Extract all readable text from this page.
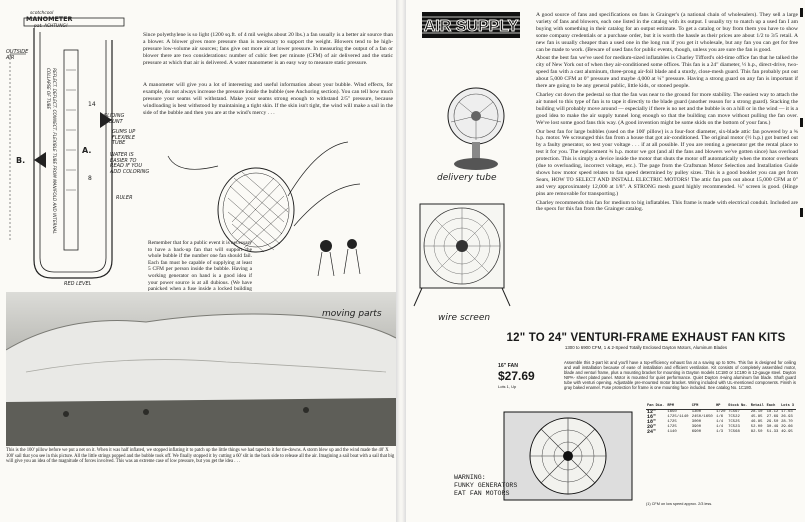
scotchcool
MANOMETER
pat. ACHTUNG!
OUTSIDE AIR
REFLECT. DEFLECT. CONNECT. FLEXIBLE TUBE FROM MANIFOLD AND INTERNAL COLLAPSE OF TUBE
A.
B.
14
8
SLIDING MOUNT
GUMS UP FLEXIBLE TUBE
WATER IS EASIER TO READ IF YOU ADD COLORING
RULER
RED LEVEL

Since polyethylene is so light (1200 sq.ft. of 4 mil weighs about 20 lbs.) a fan usually is a better air source than a blower. A blower gives more pressure than is necessary to support the weight. Blowers tend to be high-pressure low-volume air sources; fans give out more air at lower pressure. In measuring the output of a fan or blower there are two considerations: number of cubic feet per minute (CFM) of air delivered and the static pressure at which that air is delivered. A water manometer is an easy way to measure static pressure.

A manometer will give you a lot of interesting and useful information about your bubble. Wind effects, for example, do not always increase the pressure inside the bubble (see Anchoring section). You can tell how much pressure your seams will withstand. Make your seams strong enough to withstand 2/5" pressure, because windloading is best withstood by maintaining a tight skin. If the skin isn't tight, the wind will make a sail in the side of the bubble and then you are at the wind's mercy . . .

Remember that for a public event it is necessary to have a back-up fan that will support the whole bubble if the number one fan should fail. Each fan must be capable of supplying at least 5 CFM per person inside the bubble. Having a working generator on hand is a good idea if your power source is at all dubious. (We have panicked when a fuse inside a locked building

This is the 100' pillow before we put a net on it. When it was half inflated, we stopped inflating it to patch up the little things we had taped to it for tie-downs. A storm blew up and the wind made the 40' X 100' sail that you see in this picture. All the little strings popped and the bubble took off. We finally stopped it by cutting a 60' slit in the back side to release all the air. Imagining a sail boat with a sail that big will give you an idea of the magnitude of forces involved. This was an extreme case of low pressure, but you get the idea . . .
AIR SUPPLY

A good source of fans and specifications on fans is Grainger's (a national chain of wholesalers). They sell a large variety of fans and blowers, each one listed in the catalog with its output. I usually try to match up a used fan I am buying with something in their catalog for an output estimate. To get a catalog or buy from them you have to show some company credentials or a purchase order, but it is worth the hassle as their prices are about 1/2 to 3/5 retail. A new fan is usually cheaper than a used one in the long run if you get it wholesale, but any fan you can get for free can be made to work. (Beware of used fans for public events, though, unless you are sure the fan is good.

About the best fan we've used for medium-sized inflatables is Charley Tifford's old-time office fan that he talked the city of New York out of when they air-conditioned some offices. This fan is a 24" diameter, ½ h.p., direct-drive, two-speed fan with a cast aluminum, three-prong air-foil blade and a sturdy, close-mesh guard. This fan probably put out about 5,000 CFM at 0" pressure and maybe 4,000 at ¼" pressure. Having a strong guard on any fan is important if there are going to be any general public, little kids, or stoned people.

Charley cut down the pedestal so that the fan was near to the ground for more stability. The easiest way to attach the air tunnel to this type of fan is to tape it directly to the blade guard (another reason for a strong guard). Stacking the building will probably move around — especially if there is no net and the bubble is on a hill or in the wind — it is a good idea to make the air supply tunnel long enough so that the building can move without pulling the fan over. We've lost some good fans this way. (A good invention might be some skids on the bottom of your fans.)

Our best fan for large bubbles (used on the 100' pillow) is a four-foot diameter, six-blade attic fan powered by a ¾ h.p. motor. We scrounged this fan from a house that got air-conditioned. The original motor (½ h.p.) got burned out by a faulty generator, so test your voltage . . . if at all possible. If you are renting a generator get the rental place to test it for you. The replacement ¾ h.p. motor we got (and all the fans and blowers we've gotten since) has overload protection. This is simply a device inside the motor that shuts the motor off automatically when the motor overheats (due to overloading, incorrect voltage, etc.). The page from the Craftsman Motor Selection and Installation Guide shows how motor speed relates to fan speed determined by pulley sizes. This is a good booklet you can get from Sears, HOW TO SELECT AND INSTALL ELECTRIC MOTORS! The attic fan puts out about 15,000 CFM at 0" and very approximately 12,000 at 1/8". A STRONG mesh guard highly recommended. ¼" screen is good. (Hinge pins are removable for transporting.)

Charley recommends this fan for medium to big inflatables. This frame is made with electrical conduit. Included are the specs for this fan from the Grainger catalog.

12" TO 24" VENTURI-FRAME EXHAUST FAN KITS
1300 to 6900 CFM, 1 & 2-Speed Totally Enclosed Dayton Motors, Aluminum Blades
16" FAN
$27.69
Lots 1, Up
Assemble this 3-part kit and you'll have a top-efficiency exhaust fan at a saving up to 50%. This fan is designed for ceiling and wall installation because of ease of installation and efficient ventilation. Kit consists of completely assembled motor, blade and venturi frame, plus a mounting bracket for mounting in Dayton models 1C180 or 1C190 in 12-gauge steel. Dayton NIPA- sheet plated panel. Motor is mounted for quiet performance. Quiet Dayton 4-wing aluminum fan blade. Shaft guard tube with venturi opening. Adjustable pre-mounted motor bracket. Wiring included with UL-mentioned components. Finish is gray baked enamel. Fuse protection for frame is one mounting face included. See catalog No. 1C180.
Fan Dia.	RPM	CFM	HP	Stock No.	Retail	Each	Lots 3
12"	1650	1300	1/20	7C567	28.10	18.12	17.63
16"	1725/1140	2450/1650	1/6	7C522	45.85	27.69	26.93
18"	1725	3000	1/4	7C525	46.85	29.50	28.70
20"	1725	3900	1/4	7C523	52.00	30.49	29.66
24"	1140	6900	1/3	7C568	82.50	51.33	49.95
(1) CFM on low speed approx. 2/3 less.
delivery tube
moving parts	wire screen
WARNING:
FUNKY GENERATORS
EAT FAN MOTORS
